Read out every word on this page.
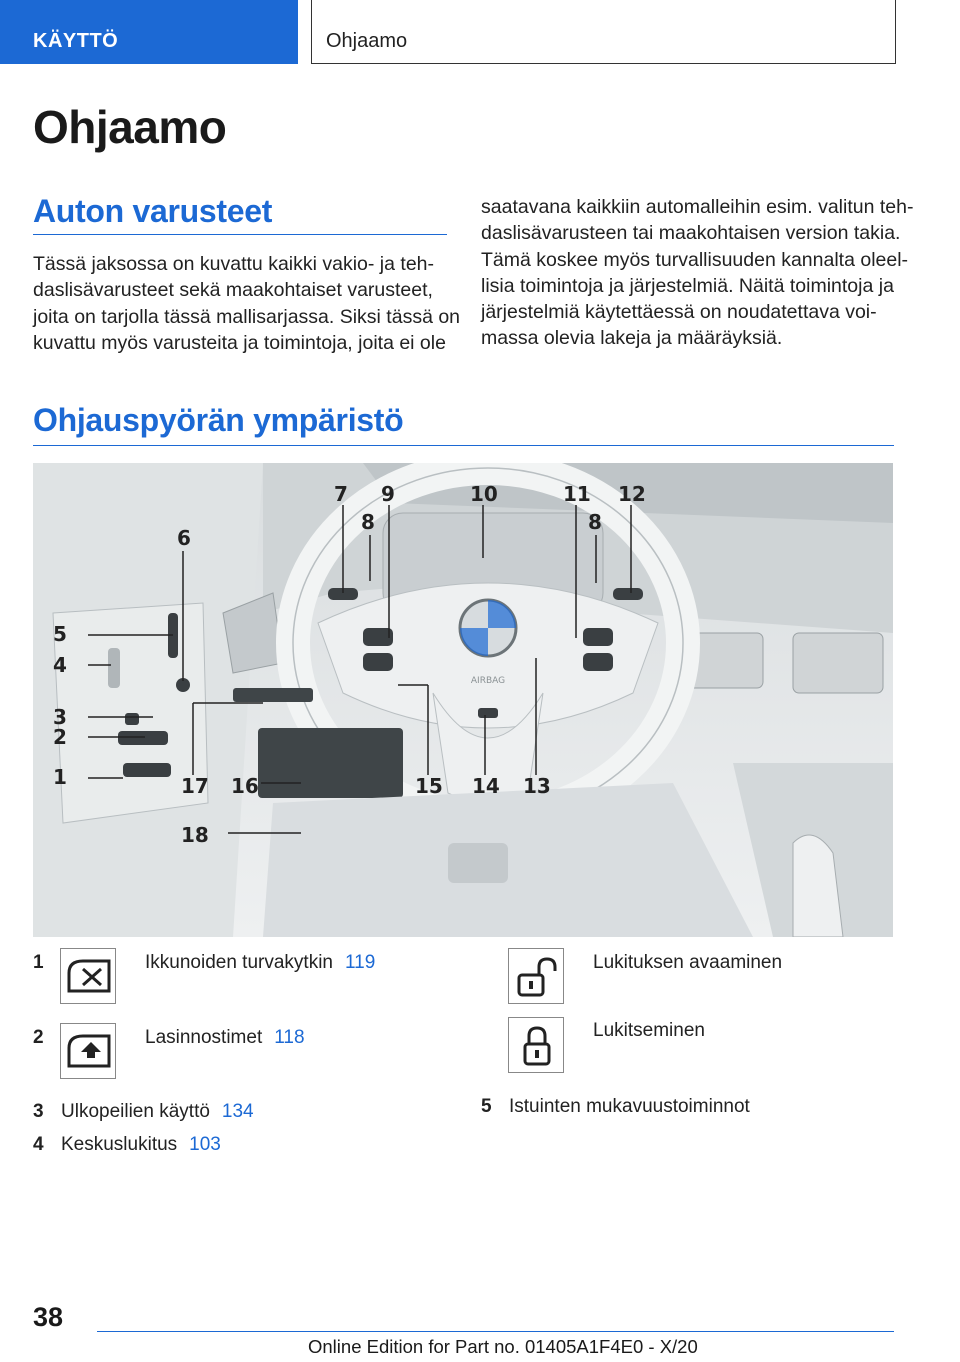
KÄYTTÖ	Ohjaamo
Ohjaamo
Auton varusteet
Tässä jaksossa on kuvattu kaikki vakio- ja teh-
daslisävarusteet sekä maakohtaiset varusteet,
joita on tarjolla tässä mallisarjassa. Siksi tässä on
kuvattu myös varusteita ja toimintoja, joita ei ole
saatavana kaikkiin automalleihin esim. valitun teh-
daslisävarusteen tai maakohtaisen version takia.
Tämä koskee myös turvallisuuden kannalta oleel-
lisia toimintoja ja järjestelmiä. Näitä toimintoja ja
järjestelmiä käytettäessä on noudatettava voi-
massa olevia lakeja ja määräyksiä.
Ohjauspyörän ympäristö
AIRBAG
5
4
3
2
1
6
7
8
9	10	11 12
8
13
14
15
16
17
18
1	Ikkunoiden turvakytkin 119
2	Lasinnostimet 118
3 Ulkopeilien käyttö 134
4 Keskuslukitus 103
Lukituksen avaaminen
Lukitseminen
5 Istuinten mukavuustoiminnot
38
Online Edition for Part no. 01405A1F4E0 - X/20
